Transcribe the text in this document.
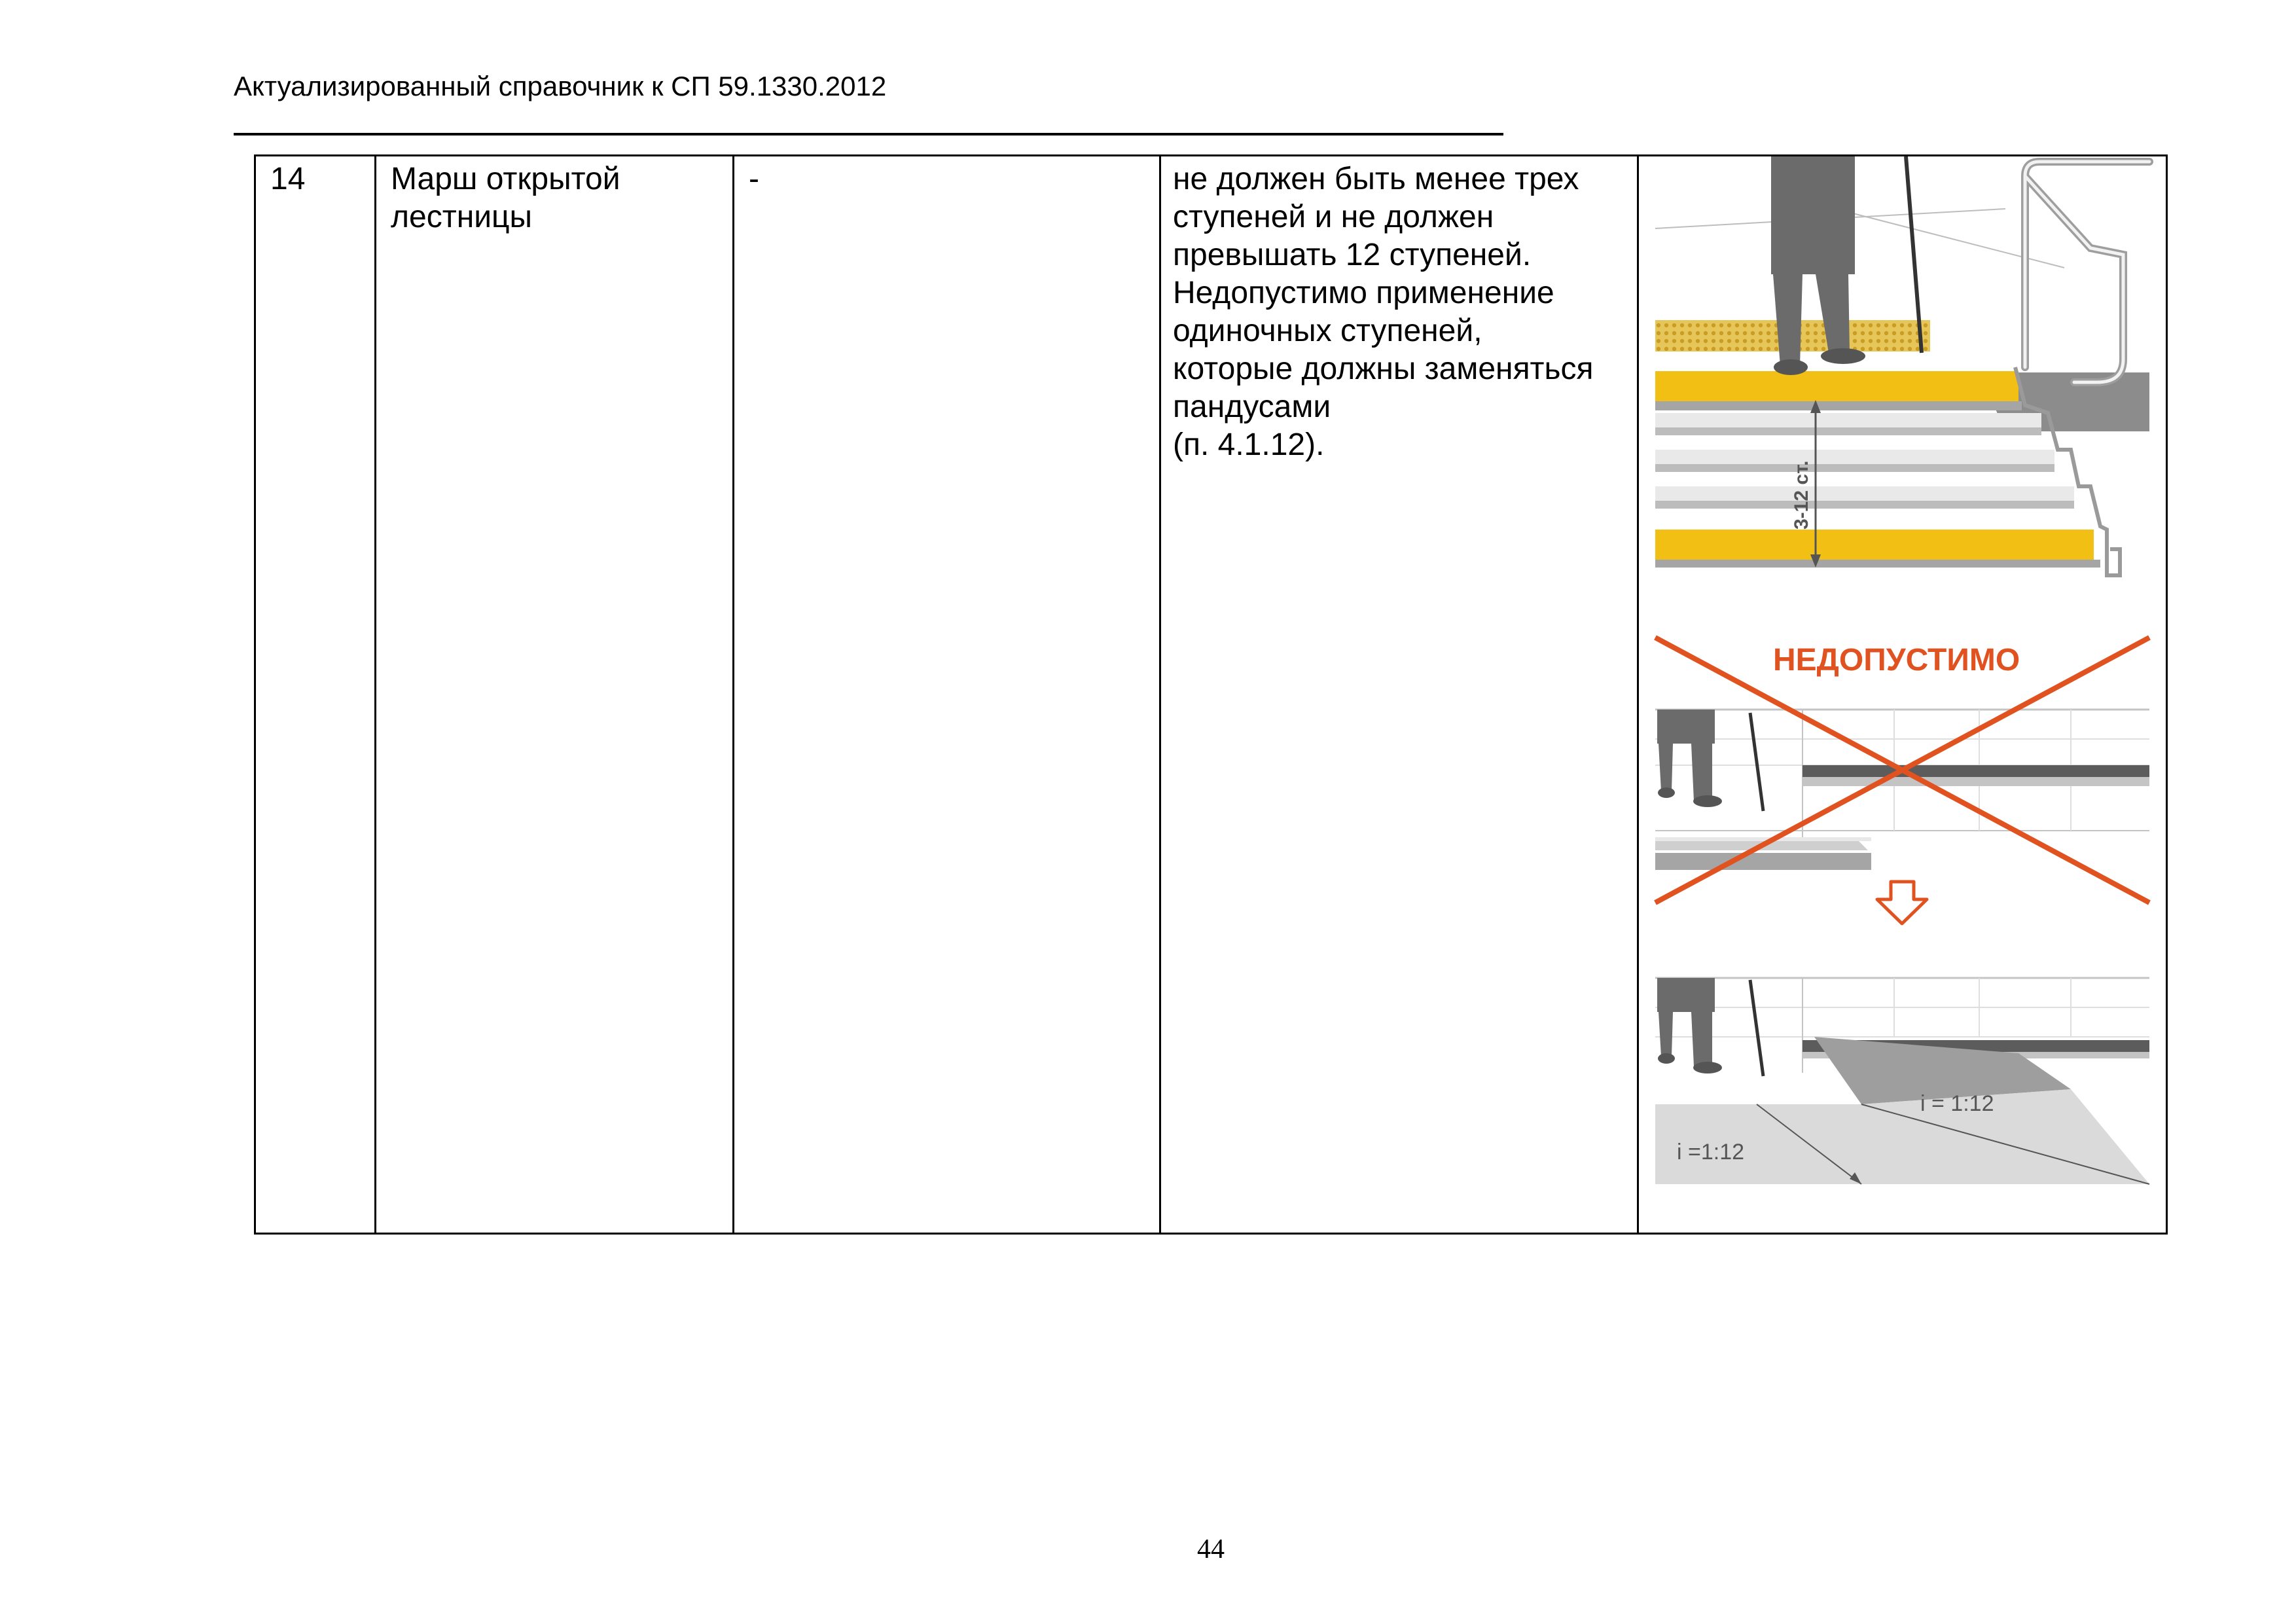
Актуализированный справочник к СП 59.1330.2012
14	Марш открытой
лестницы

-	не должен быть менее трех
ступеней и не должен
превышать 12 ступеней.
Недопустимо применение
одиночных ступеней,
которые должны заменяться
пандусами
(п. 4.1.12).

3-12 ст.
НЕДОПУСТИМО
i = 1:12
i =1:12
44
